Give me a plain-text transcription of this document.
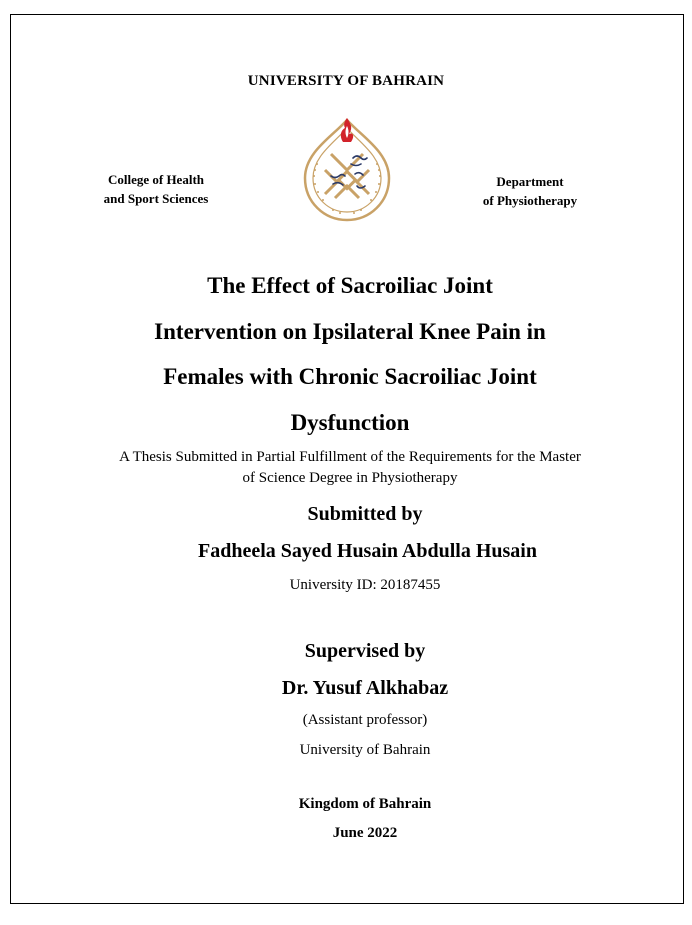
UNIVERSITY OF BAHRAIN
College of Health
and Sport Sciences
Department
of Physiotherapy
The Effect of Sacroiliac Joint
Intervention on Ipsilateral Knee Pain in
Females with Chronic Sacroiliac Joint
Dysfunction
A Thesis Submitted in Partial Fulfillment of the Requirements for the Master
of Science Degree in Physiotherapy
Submitted by
Fadheela Sayed Husain Abdulla Husain
University ID: 20187455
Supervised by
Dr. Yusuf Alkhabaz
(Assistant professor)
University of Bahrain
Kingdom of Bahrain
June 2022
